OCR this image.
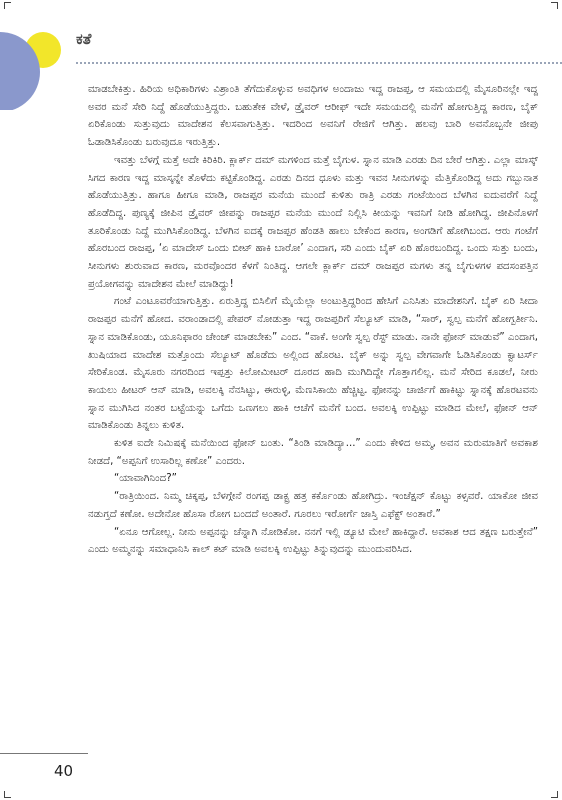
ಕತೆ

ಮಾಡಬೇಕಿತ್ತು. ಹಿರಿಯ ಅಧಿಕಾರಿಗಳು ವಿಶ್ರಾಂತಿ ತೆಗೆದುಕೊಳ್ಳುವ ಅವಧಿಗಳ ಅಂದಾಜು ಇದ್ದ ರಾಜಪ್ಪ, ಆ ಸಮಯದಲ್ಲಿ ಮೈಸೂರಿನಲ್ಲೇ ಇದ್ದ ಅವರ ಮನೆ ಸೇರಿ ನಿದ್ದೆ ಹೊಡೆಯುತ್ತಿದ್ದರು. ಬಹುತೇಕ ವೇಳೆ, ಡ್ರೈವರ್ ಆರೀಫ್ ಇದೇ ಸಮಯದಲ್ಲಿ ಮನೆಗೆ ಹೋಗುತ್ತಿದ್ದ ಕಾರಣ, ಬೈಕ್ ಏರಿಕೊಂಡು ಸುತ್ತುವುದು ಮಾದೇಶನ ಕೆಲಸವಾಗುತ್ತಿತ್ತು. ಇದರಿಂದ ಅವನಿಗೆ ರೇಜಿಗೆ ಆಗಿತ್ತು. ಹಲವು ಬಾರಿ ಅವನೊಬ್ಬನೇ ಜೀಪು ಓಡಾಡಿಸಿಕೊಂಡು ಬರುವುದೂ ಇರುತ್ತಿತ್ತು.

ಇವತ್ತು ಬೆಳಗ್ಗೆ ಮತ್ತೆ ಅದೇ ಕಿರಿಕಿರಿ. ಕ್ಲಾರ್ಕ್ ದಮ್ ಮಗಳಿಂದ ಮತ್ತೆ ಬೈಗುಳ. ಸ್ನಾನ ಮಾಡಿ ಎರಡು ದಿನ ಬೇರೆ ಆಗಿತ್ತು. ಎಲ್ಲಾ ಮಾಸ್ಕ್ ಸಿಗದ ಕಾರಣ ಇದ್ದ ಮಾಸ್ಕನ್ನೇ ತೊಳೆದು ಕಟ್ಟಿಕೊಂಡಿದ್ದ. ಎರಡು ದಿನದ ಧೂಳು ಮತ್ತು ಇವನ ಸೀನುಗಳನ್ನು ಮೆತ್ತಿಕೊಂಡಿದ್ದ ಅದು ಗಬ್ಬುನಾತ ಹೊಡೆಯುತ್ತಿತ್ತು. ಹಾಗೂ ಹೀಗೂ ಮಾಡಿ, ರಾಜಪ್ಪರ ಮನೆಯ ಮುಂದೆ ಕುಳಿತು ರಾತ್ರಿ ಎರಡು ಗಂಟೆಯಿಂದ ಬೆಳಗಿನ ಐದುವರೆಗೆ ನಿದ್ದೆ ಹೊಡೆದಿದ್ದ. ಪುಣ್ಯಕ್ಕೆ ಜೀಪಿನ ಡ್ರೈವರ್ ಜೀಪನ್ನು ರಾಜಪ್ಪರ ಮನೆಯ ಮುಂದೆ ನಿಲ್ಲಿಸಿ ಕೀಯನ್ನು ಇವನಿಗೆ ನೀಡಿ ಹೋಗಿದ್ದ. ಜೀಪಿನೊಳಗೆ ತೂರಿಕೊಂಡು ನಿದ್ದೆ ಮುಗಿಸಿಕೊಂಡಿದ್ದ. ಬೆಳಗಿನ ಐದಕ್ಕೆ ರಾಜಪ್ಪರ ಹೆಂಡತಿ ಹಾಲು ಬೇಕೆಂದ ಕಾರಣ, ಅಂಗಡಿಗೆ ಹೋಗಿಬಂದ. ಆರು ಗಂಟೆಗೆ ಹೊರಬಂದ ರಾಜಪ್ಪ, ‘ಏ ಮಾದೇಸ್ ಒಂದು ಬೀಟ್ ಹಾಕಿ ಬಾರೋ’ ಎಂದಾಗ, ಸರಿ ಎಂದು ಬೈಕ್ ಏರಿ ಹೊರಬಂದಿದ್ದ. ಒಂದು ಸುತ್ತು ಬಂದು, ಸೀನುಗಳು ಶುರುವಾದ ಕಾರಣ, ಮರವೊಂದರ ಕೆಳಗೆ ನಿಂತಿದ್ದ. ಆಗಲೇ ಕ್ಲಾರ್ಕ್ ದಮ್ ರಾಜಪ್ಪರ ಮಗಳು ತನ್ನ ಬೈಗುಳಗಳ ಪದಸಂಪತ್ತಿನ ಪ್ರಯೋಗವನ್ನು ಮಾದೇಶನ ಮೇಲೆ ಮಾಡಿದ್ದು!

ಗಂಟೆ ಎಂಟೂವರೆಯಾಗುತ್ತಿತ್ತು. ಏರುತ್ತಿದ್ದ ಬಿಸಿಲಿಗೆ ಮೈಯೆಲ್ಲಾ ಅಂಟುತ್ತಿದ್ದರಿಂದ ಹೇಸಿಗೆ ಎನಿಸಿತು ಮಾದೇಶನಿಗೆ. ಬೈಕ್ ಏರಿ ಸೀದಾ ರಾಜಪ್ಪರ ಮನೆಗೆ ಹೋದ. ವರಾಂಡಾದಲ್ಲಿ ಪೇಪರ್ ನೋಡುತ್ತಾ ಇದ್ದ ರಾಜಪ್ಪರಿಗೆ ಸೆಲ್ಯೂಟ್ ಮಾಡಿ, “ಸಾರ್, ಸ್ವಲ್ಪ ಮನೆಗೆ ಹೋಗ್ಬರ್ತೀನಿ. ಸ್ನಾನ ಮಾಡಿಕೊಂಡು, ಯೂನಿಫಾರಂ ಚೇಂಜ್ ಮಾಡಬೇಕು” ಎಂದ. “ವಾಕೆ. ಅಂಗೇ ಸ್ವಲ್ಪ ರೆಸ್ಟ್ ಮಾಡು. ನಾನೇ ಫೋನ್ ಮಾಡುವೆ” ಎಂದಾಗ, ಖುಷಿಯಾದ ಮಾದೇಶ ಮತ್ತೊಂದು ಸೆಲ್ಯೂಟ್ ಹೊಡೆದು ಅಲ್ಲಿಂದ ಹೊರಟ. ಬೈಕ್ ಅನ್ನು ಸ್ವಲ್ಪ ವೇಗವಾಗೇ ಓಡಿಸಿಕೊಂಡು ಕ್ವಾಟರ್ಸ್ ಸೇರಿಕೊಂಡ. ಮೈಸೂರು ನಗರದಿಂದ ಇಪ್ಪತ್ತು ಕಿಲೋಮೀಟರ್ ದೂರದ ಹಾದಿ ಮುಗಿದಿದ್ದೇ ಗೊತ್ತಾಗಲಿಲ್ಲ. ಮನೆ ಸೇರಿದ ಕೂಡಲೆ, ನೀರು ಕಾಯಲು ಹೀಟರ್ ಆನ್ ಮಾಡಿ, ಅವಲಕ್ಕಿ ನೆನಸಿಟ್ಟು, ಈರುಳ್ಳಿ, ಮೆಣಸಿಕಾಯಿ ಹೆಚ್ಚಿಟ್ಟ. ಫೋನನ್ನು ಚಾರ್ಜಿಗೆ ಹಾಕಿಟ್ಟು ಸ್ನಾನಕ್ಕೆ ಹೊರಟವನು ಸ್ನಾನ ಮುಗಿಸಿದ ನಂತರ ಬಟ್ಟೆಯನ್ನು ಒಗೆದು ಒಣಗಲು ಹಾಕಿ ಆಚೆಗೆ ಮನೆಗೆ ಬಂದ. ಅವಲಕ್ಕಿ ಉಪ್ಪಿಟ್ಟು ಮಾಡಿದ ಮೇಲೆ, ಫೋನ್ ಆನ್ ಮಾಡಿಕೊಂಡು ತಿನ್ನಲು ಕುಳಿತ.

ಕುಳಿತ ಐದೇ ನಿಮಿಷಕ್ಕೆ ಮನೆಯಿಂದ ಫೋನ್ ಬಂತು. “ತಿಂಡಿ ಮಾಡಿದ್ಯಾ...” ಎಂದು ಕೇಳಿದ ಅಮ್ಮ, ಅವನ ಮರುಮಾತಿಗೆ ಅವಕಾಶ ನೀಡದೆ, “ಅಪ್ಪನಿಗೆ ಉಸಾರಿಲ್ಲ ಕಣೋ” ಎಂದರು.

“ಯಾವಾಗಿನಿಂದ?”

“ರಾತ್ರಿಯಿಂದ. ನಿಮ್ಮ ಚಿಕ್ಕಪ್ಪ, ಬೆಳಗ್ಗೇನೆ ರಂಗಪ್ಪ ಡಾಕ್ಟ್ರ ಹತ್ರ ಕರ್ಕೊಂಡು ಹೋಗಿದ್ರು. ಇಂಜೆಕ್ಷನ್ ಕೊಟ್ಟು ಕಳ್ಸವರೆ. ಯಾಕೋ ಜೀವ ನಡುಗ್ತದೆ ಕಣೋ. ಅದೇನೋ ಹೊಸಾ ರೋಗ ಬಂದದೆ ಅಂತಾರೆ. ಗೂರಲು ಇರೋರ್ಗೆ ಜಾಸ್ತಿ ಎಫೆಕ್ಟ್ ಅಂತಾರೆ.”

“ಏನೂ ಆಗೋಲ್ಲ. ನೀನು ಅಪ್ಪನನ್ನು ಚೆನ್ನಾಗಿ ನೋಡಿಕೋ. ನನಗೆ ಇಲ್ಲಿ ಡ್ಯೂಟಿ ಮೇಲೆ ಹಾಕಿದ್ದಾರೆ. ಅವಕಾಶ ಆದ ತಕ್ಷಣ ಬರುತ್ತೇನೆ” ಎಂದು ಅಮ್ಮನನ್ನು ಸಮಾಧಾನಿಸಿ ಕಾಲ್ ಕಟ್ ಮಾಡಿ ಅವಲಕ್ಕಿ ಉಪ್ಪಿಟ್ಟು ತಿನ್ನುವುದನ್ನು ಮುಂದುವರಿಸಿದ.

40
